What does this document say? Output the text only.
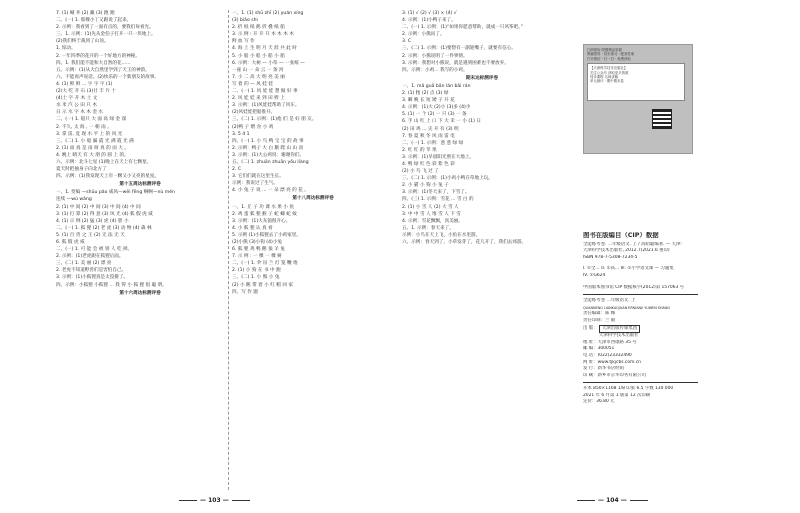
7. (1) 喊 井 (2) 藏 (3) 跑 跑

二、(一) 1. 那棵小丁又跟说了起来。

2. 示例：我看到了一面有点的，要我们每看光。

三、1. 示例：(1)先从金伯子打开一只一块地上。

(2)我们终于裁到了山顶。

1. 惊动。

2. 一年四季的花开的一个好地方的神秘。

四、1. 我们能不能和大自然的花……

五、示例：(1)从大自然里学到了天王的神韵。

六、不能再声说话。(2)快乐的一个新朋友的故事。

4. (1) 鲜 鲜 ... 字 字 字 (1)

(2)大 吃 开 石 (3)甘 丰 片 十

(4)土 字 开 木 土 文

水 米 汽 公 田 只 木

日 示 水 字 木 木 金 水

二、(一) 1. 船只 大 面 高 绿 金 深

2. 不久, 太 海 , 一 朝 雨 。

3. 掌 雷, 竟 现 水 平 上 的 风 光

三、(二) 1. 小 船 漏 霞 光 满 霞 光 满

2. (1) 雨 真 是 雨 呀 真 的 雨 大 。

4. 晚上 晴天 有 大 朋 的 圆 上 的。

六、示例：北斗七星 (1)晚上在天上有七颗星。

夏天时把抽身子向北方了

四、示例：(1)我发现天上有一颗又小又亮的星星。

第十五周达标测评卷

一、1. 变编 —shūu pǎo 威风—wēi fēng 啊啊—nù mén

连续 —wú wǎng

2. (1) 中 间 (2) 中 间 (3) 中 间 (4) 中 间

3. (1) 打 算 (2) 得 意 (3) 风 光 (4) 狐 假 虎 威

4. (1) 示 例 (2) 猛 (3) 虎 (4) 胆 小

二、(一) 1. 狐 狸 (2) 老 虎 (3) 动 物 (4) 森 林

5. (1) 百 兽 之 王 (2) 无 法 无 天

6. 狐 假 虎 威

二、(一) 1. 可 能 会 被 别 人 吃 掉。

2. 示例：(1)老虎跟在狐狸后面。

三、(二) 1. 美 丽 (2) 漂 亮

2. 老虎不知道野兽们是害怕自己。

3. 示例：(1)小狐狸真是太狡猾了。

四、示例：小狐狸 小狐狸 ... 我 得 小 狐 狸 很 聪 明。

第十六周达标测评卷

一、1. (1) shū zhī (2) yuán xíng

(3) biǎo shì

2. 折 纸 纸 鹤 折 叠 纸 船

3. 示 例 : 开 开 开 木 木 木 木

鲜 血 写 作

4. 海 上 生 明 月 天 涯 共 此 时

5. 小 船 小 船 小 船 小 船

6. 示例：大树 — 小草 — 一张纸 —

一座 山 一 朵 云 一 条 河

7. 小 二 高 大 明 亮 美 丽

写 着 的 — 风 娃 娃

二、(一) 1. 风 娃 娃 想 做 好 事

2. 风 娃 娃 来 到 田 野 上

3. 示例：(1)风娃娃帮助了风车。

(2)风娃娃把船推开。

三、(二) 1. 示例：(1)他 们 是 好 朋 友。

(2)鸭 子 喂 食 小 鸡

3. 5 4 1

四、(一) 1. 小 鸟 鸭 宝 宝 的 故 事

2. 示例：鸭子 大 白 鹅 爬 山 山 顶

3. 示例：(1)大公鸡说：谢谢你们。

五、(二) 1. zhuān zhuān yǒu liàng

2. C

3. 它们们就在这里生长。

示例：我说过了生气。

4. 小 兔 子 说 ... 一 朵 漂 亮 的 花 。

第十八周达标测评卷

一、1. 丘 子 功 课 水 果 小 鱼

2. 鸡 蛋 狐 狸 猴 子 蛇 螺 蛇 蚊

3. 示例：(1)大灰狼很开心。

4. 小 狐 狸 认 真 看

5. 示例 (1)小狐狸去了小鸡家里。

(2)小熊 (3)小狗 (4)小兔

6. 狐 狸 鸡 鸭 鹅 狼 羊 兔

7. 示 例 : 一 棵 一 棵 树

二、(一) 1. 伞 吊 兰 灯 笼 鞭 炮

2. (1) 小 狗 在 书 中 跑

三、(二) 1. 小 熊 小 兔

(2) 小 鹅 带 着 小 红 帽 回 家

四、写 作 题

— 103 —

3. (1) √ (2) √ (3) × (4) √

4. 示例：(1)小鸭子来了。

二、(一) 1. 示例：(1)“如果你愿意帮助，就成一只风筝吧。”

2. 示例：小熊问了。

3. C

三、(二) 1. 示例：(1)要想有一副轮嘴子，就要有信心。

2. 示例：小熊说明了一件事情。

3. 示例：我想对小熊说，就是遇到困难也不要放弃。

四、示例：小鸡... 我写的小鸡。

期末达标测评卷

一、1. mǎ guā bān lán bǎi rán

2. (1) 粗 (2) 点 (3) 绿

3. 瞬 晚 长 短 矮 子 开 花

4. 示例：(1)大 (2)小 (3)多 (4)少

5. (1) 一 个 (2) 一 只 (3) 一 条

6. 手 山 红 上 口 下 大 禾 一 小 (1) 日

(2) 田 鸡 ... 尖 开 有 (3) 明

7. 春 夏 秋 冬 风 雨 雷 电

二、(一) 1. 示例：葱 葱 绿 绿

2. 红 红 的 苹 果

3. 示例：(1)早晨阳光照在大地上。

4. 鸭 绿 红 色 彩 紫 色 彩

(2) 小 鸟 飞 过 了

三、(二) 1. 示例：(1)小鸡小鸭在草地上玩。

2. 小 猫 小 狗 小 兔 子

3. 示例：(1)冬天来了，下雪了。

四、(三) 1. 示例：雪花 ... 雪 白 的

2. (1) 小 雪 人 (2) 大 雪 人

3. 中 中 雪 人 堆 雪 人 下 雪

4. 示例：雪花飘飘，真美丽。

五、1. 示例：春天来了。

示例：小鸟在天上飞，小鱼在水里游。

六、示例：春天到了，小草发芽了，花儿开了，我们去郊游。

扫码领取·附赠精品资源

教辅资料 · 同步练习 · 配套答案

打开微信 · 扫一扫 · 免费获取

【天津科学技术出版社】

关注公众号 获取更多资源

同步课程 名师讲解

单元测评 · 期中期末卷

图书在版编目（CIP）数据

全能练考卷. 二年级语文. 上 / 高昭聪编著. — 天津：

天津科学技术出版社, 2012.7(2021.6 重印)

ISBN 978-7-5308-7234-5

I. ①全… II. ①高… III. ①小学语文课 — 习题集

IV. ①G624

中国版本图书馆 CIP 数据核字(2012)第 157063 号

全能练考卷 二年级语文. 上

QUANNENG LIANKAOJUAN ERNIANJI YUWEN SHANG

责任编辑：陈 娜

责任印制：兰 毅

出 版： 天津出版传媒集团

天津科学技术出版社

地 址：天津市西康路 35 号

邮 编：300051

电 话：(022)23332490

网 址：www.tjkjcbs.com.cn

发 行：新华书店经销

印 刷：新乡市京华印务有限公司

开本 850×1168 1/8 印张 6.5 字数 130 000

2021 年 6 月第 1 版第 12 次印刷

定价：36.80 元

— 104 —
